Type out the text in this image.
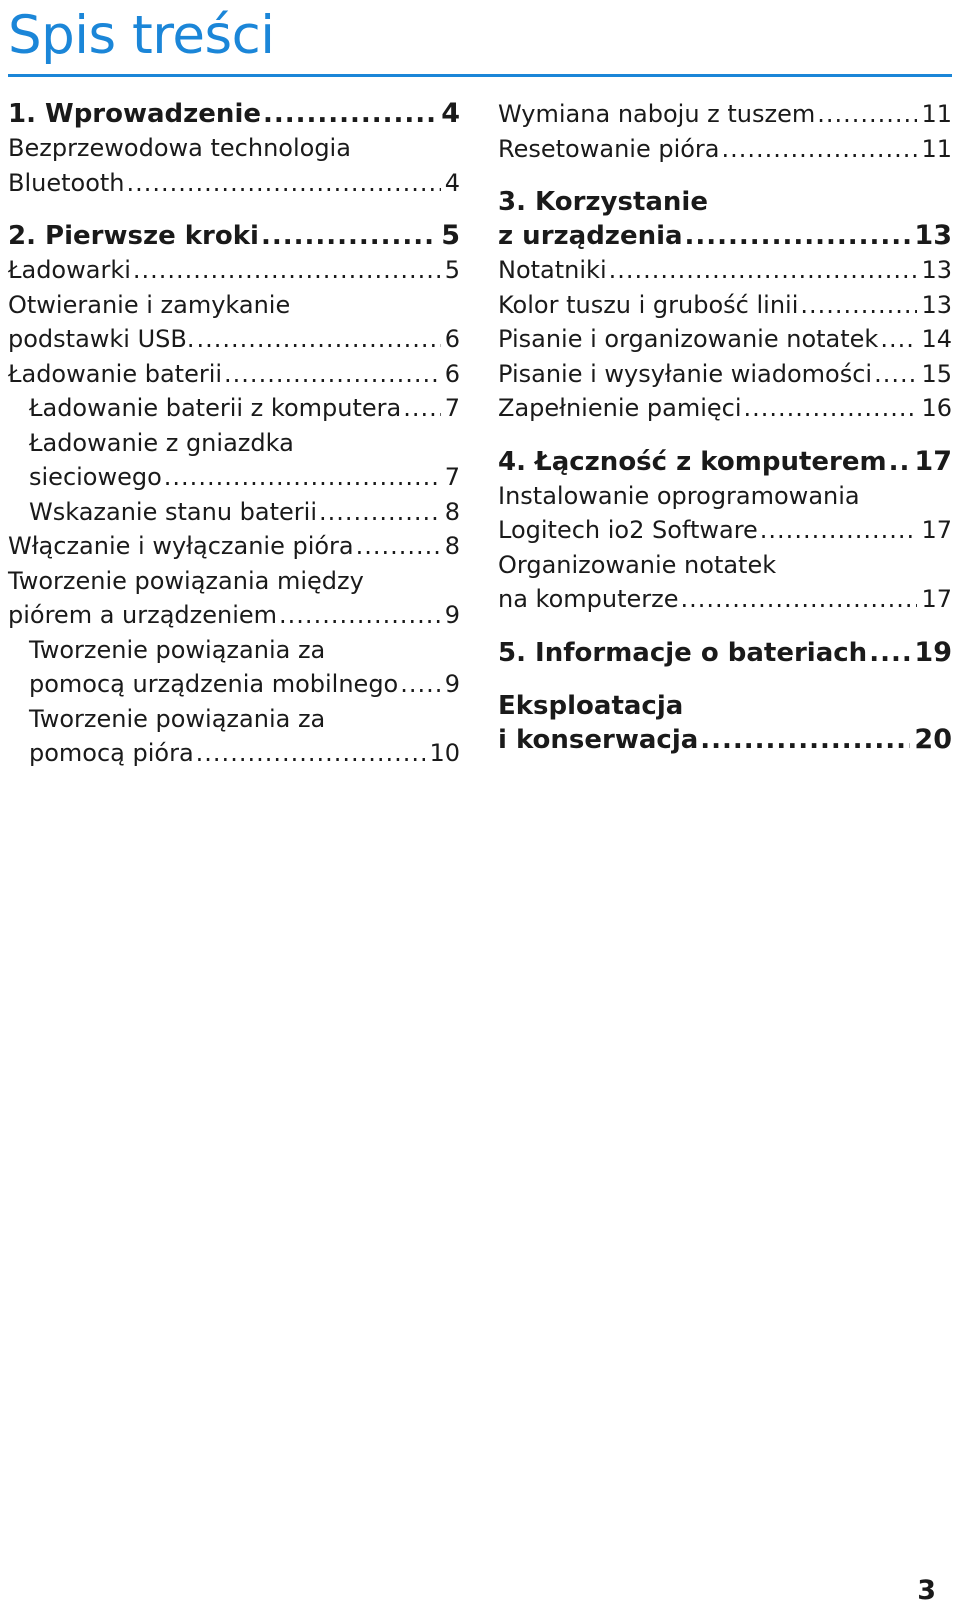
Spis treści
1. Wprowadzenie .....	4
Bezprzewodowa technologia
Bluetooth .....	4
2. Pierwsze kroki .....	5
Ładowarki .....	5
Otwieranie i zamykanie
podstawki USB. .....	6
Ładowanie baterii .....	6
Ładowanie baterii z komputera ..... 7
Ładowanie z gniazdka
sieciowego .....	7
Wskazanie stanu baterii .....	8
Włączanie i wyłączanie pióra .....	8
Tworzenie powiązania między
piórem a urządzeniem .....	9
Tworzenie powiązania za
pomocą urządzenia mobilnego ..... 9
Tworzenie powiązania za
pomocą pióra .....	10
Wymiana naboju z tuszem .....	11
Resetowanie pióra .....	11
3. Korzystanie
z urządzenia .....	13
Notatniki .....	13
Kolor tuszu i grubość linii .....	13
Pisanie i organizowanie notatek ..... 14
Pisanie i wysyłanie wiadomości ..... 15
Zapełnienie pamięci .....	16
4. Łączność z komputerem ..... 17
Instalowanie oprogramowania
Logitech io2 Software .....	17
Organizowanie notatek
na komputerze .....	17
5. Informacje o bateriach ..... 19
Eksploatacja
i konserwacja .....	20
3
